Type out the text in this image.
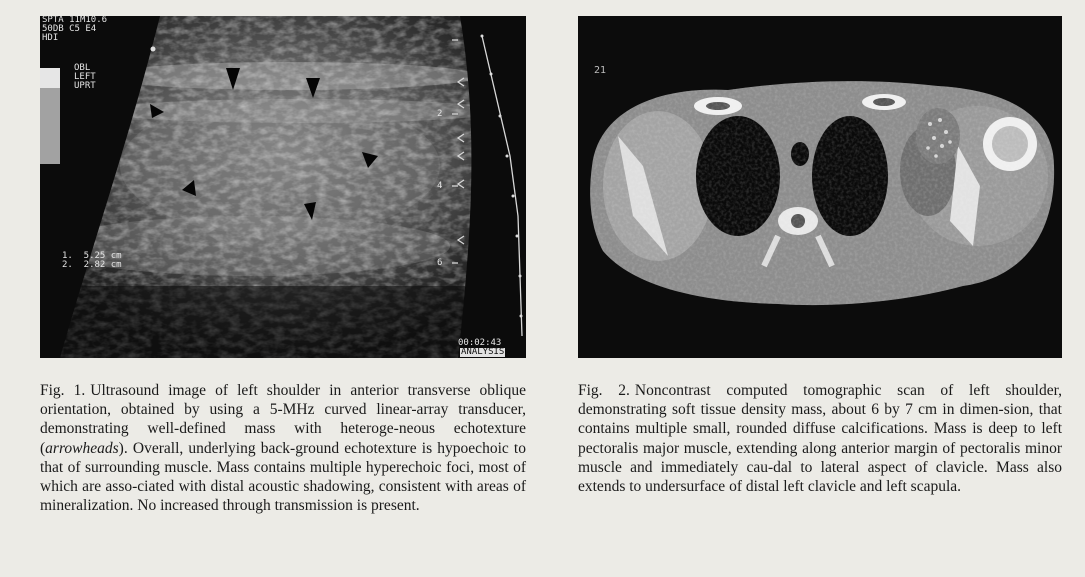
SPTA 11M10.6
50DB C5 E4
HDI
OBL
LEFT
UPRT
1.  5.25 cm
2.  2.82 cm
2
4
6
00:02:43
ANALYSIS
21
Fig. 1. Ultrasound image of left shoulder in anterior transverse oblique orientation, obtained by using a 5-MHz curved linear-array transducer, demonstrating well-defined mass with heteroge-neous echotexture (arrowheads). Overall, underlying back-ground echotexture is hypoechoic to that of surrounding muscle. Mass contains multiple hyperechoic foci, most of which are asso-ciated with distal acoustic shadowing, consistent with areas of mineralization. No increased through transmission is present.
Fig. 2. Noncontrast computed tomographic scan of left shoulder, demonstrating soft tissue density mass, about 6 by 7 cm in dimen-sion, that contains multiple small, rounded diffuse calcifications. Mass is deep to left pectoralis major muscle, extending along anterior margin of pectoralis minor muscle and immediately cau-dal to lateral aspect of clavicle. Mass also extends to undersurface of distal left clavicle and left scapula.
